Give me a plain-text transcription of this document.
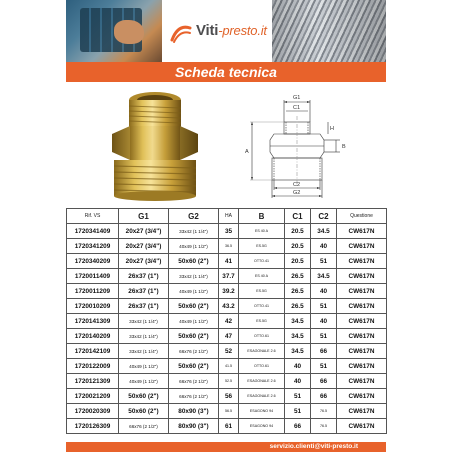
Viti-presto.it
Scheda tecnica
G1
C1
A
B
H
C2
G2
Rif. VS	G1	G2	HA	B	C1	C2	Questione
1720341409	20x27 (3/4")	33x42 (1 1/4")	35	ES 40 A	20.5	34.5	CW617N
1720341209	20x27 (3/4")	40x49 (1 1/2")	36.5	ES.5G	20.5	40	CW617N
1720340209	20x27 (3/4")	50x60 (2")	41	OTTO.41	20.5	51	CW617N
1720011409	26x37 (1")	33x42 (1 1/4")	37.7	ES 40 A	26.5	34.5	CW617N
1720011209	26x37 (1")	40x49 (1 1/2")	39.2	ES.5G	26.5	40	CW617N
1720010209	26x37 (1")	50x60 (2")	43.2	OTTO.41	26.5	51	CW617N
1720141309	33x42 (1 1/4")	40x49 (1 1/2")	42	ES.5G	34.5	40	CW617N
1720140209	33x42 (1 1/4")	50x60 (2")	47	OTTO.61	34.5	51	CW617N
1720142109	33x42 (1 1/4")	66x76 (2 1/2")	52	ESAGONALE 2.6	34.5	66	CW617N
1720122009	40x49 (1 1/2")	50x60 (2")	41.5	OTTO.61	40	51	CW617N
1720121309	40x49 (1 1/2")	66x76 (2 1/2")	52.5	ESAGONALE 2.6	40	66	CW617N
1720021209	50x60 (2")	66x76 (2 1/2")	56	ESAGONALE 2.6	51	66	CW617N
1720020309	50x60 (2")	80x90 (3")	56.5	ESAGONO 94	51	76.5	CW617N
1720126309	66x76 (2 1/2")	80x90 (3")	61	ESAGONO 94	66	76.5	CW617N
servizio.clienti@viti-presto.it
